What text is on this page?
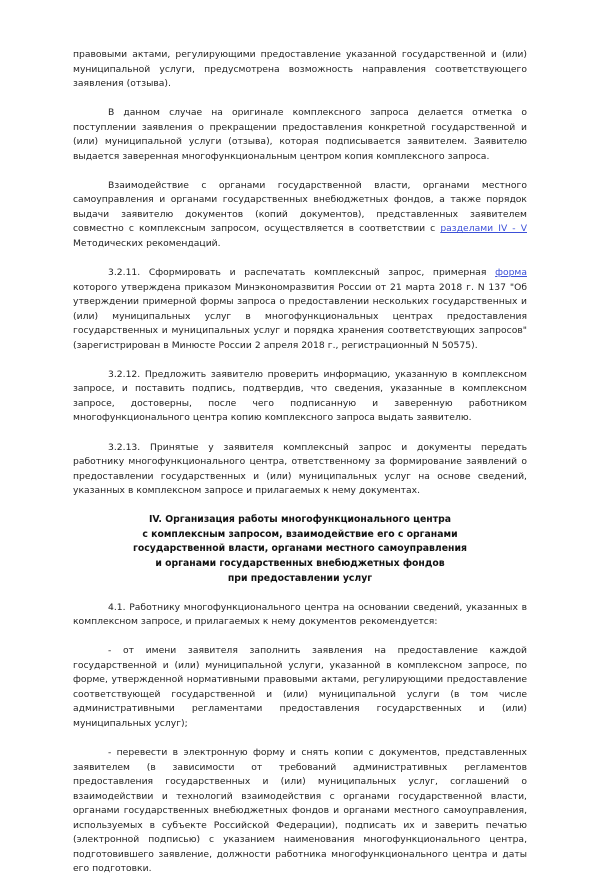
правовыми актами, регулирующими предоставление указанной государственной и (или) муниципальной услуги, предусмотрена возможность направления соответствующего заявления (отзыва).

В данном случае на оригинале комплексного запроса делается отметка о поступлении заявления о прекращении предоставления конкретной государственной и (или) муниципальной услуги (отзыва), которая подписывается заявителем. Заявителю выдается заверенная многофункциональным центром копия комплексного запроса.

Взаимодействие с органами государственной власти, органами местного самоуправления и органами государственных внебюджетных фондов, а также порядок выдачи заявителю документов (копий документов), представленных заявителем совместно с комплексным запросом, осуществляется в соответствии с разделами IV - V Методических рекомендаций.

3.2.11. Сформировать и распечатать комплексный запрос, примерная форма которого утверждена приказом Минэкономразвития России от 21 марта 2018 г. N 137 "Об утверждении примерной формы запроса о предоставлении нескольких государственных и (или) муниципальных услуг в многофункциональных центрах предоставления государственных и муниципальных услуг и порядка хранения соответствующих запросов" (зарегистрирован в Минюсте России 2 апреля 2018 г., регистрационный N 50575).

3.2.12. Предложить заявителю проверить информацию, указанную в комплексном запросе, и поставить подпись, подтвердив, что сведения, указанные в комплексном запросе, достоверны, после чего подписанную и заверенную работником многофункционального центра копию комплексного запроса выдать заявителю.

3.2.13. Принятые у заявителя комплексный запрос и документы передать работнику многофункционального центра, ответственному за формирование заявлений о предоставлении государственных и (или) муниципальных услуг на основе сведений, указанных в комплексном запросе и прилагаемых к нему документах.

IV. Организация работы многофункционального центра
с комплексным запросом, взаимодействие его с органами
государственной власти, органами местного самоуправления
и органами государственных внебюджетных фондов
при предоставлении услуг

4.1. Работнику многофункционального центра на основании сведений, указанных в комплексном запросе, и прилагаемых к нему документов рекомендуется:

- от имени заявителя заполнить заявления на предоставление каждой государственной и (или) муниципальной услуги, указанной в комплексном запросе, по форме, утвержденной нормативными правовыми актами, регулирующими предоставление соответствующей государственной и (или) муниципальной услуги (в том числе административными регламентами предоставления государственных и (или) муниципальных услуг);

- перевести в электронную форму и снять копии с документов, представленных заявителем (в зависимости от требований административных регламентов предоставления государственных и (или) муниципальных услуг, соглашений о взаимодействии и технологий взаимодействия с органами государственной власти, органами государственных внебюджетных фондов и органами местного самоуправления, используемых в субъекте Российской Федерации), подписать их и заверить печатью (электронной подписью) с указанием наименования многофункционального центра, подготовившего заявление, должности работника многофункционального центра и даты его подготовки.
